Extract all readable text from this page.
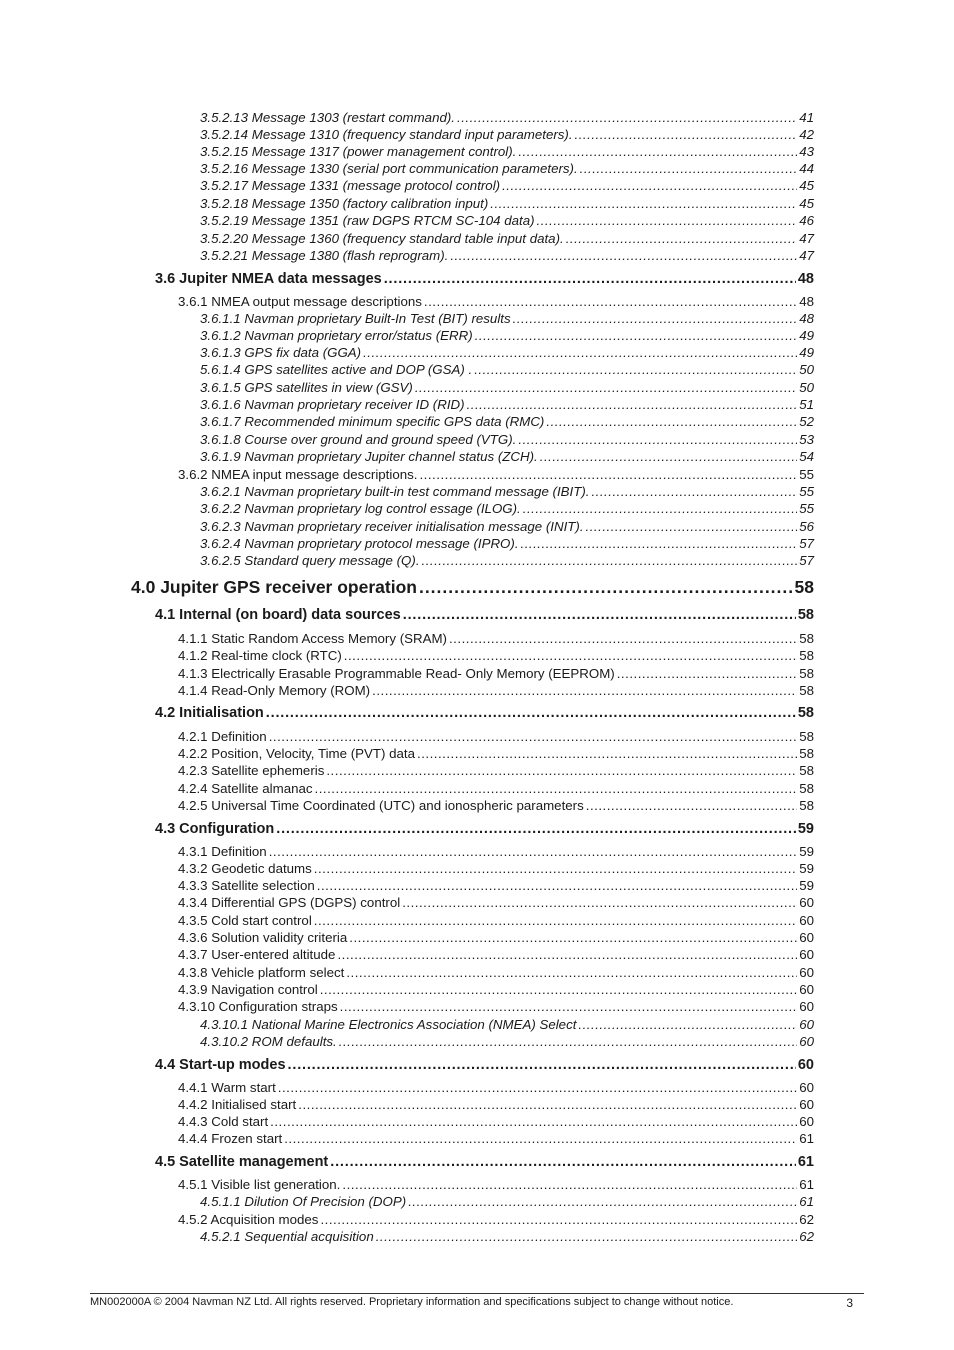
3.5.2.13 Message 1303 (restart command). .....	41
3.5.2.14 Message 1310 (frequency standard input parameters). .....	42
3.5.2.15 Message 1317 (power management control). .....	43
3.5.2.16 Message 1330 (serial port communication parameters). .....	44
3.5.2.17 Message 1331 (message protocol control) .....	45
3.5.2.18 Message 1350 (factory calibration input) .....	45
3.5.2.19 Message 1351 (raw DGPS RTCM SC-104 data) .....	46
3.5.2.20 Message 1360 (frequency standard table input data). .....	47
3.5.2.21 Message 1380 (flash reprogram). .....	47
3.6 Jupiter NMEA data messages .....	48
3.6.1 NMEA output message descriptions .....	48
3.6.1.1 Navman proprietary Built-In Test (BIT) results .....	48
3.6.1.2 Navman proprietary error/status (ERR) .....	49
3.6.1.3 GPS fix data (GGA) .....	49
5.6.1.4 GPS satellites active and DOP (GSA) . .....	50
3.6.1.5 GPS satellites in view (GSV) .....	50
3.6.1.6 Navman proprietary receiver ID (RID) .....	51
3.6.1.7 Recommended minimum specific GPS data (RMC) .....	52
3.6.1.8 Course over ground and ground speed (VTG). .....	53
3.6.1.9 Navman proprietary Jupiter channel status (ZCH). .....	54
3.6.2 NMEA input message descriptions. .....	55
3.6.2.1 Navman proprietary built-in test command message (IBIT). .....	55
3.6.2.2 Navman proprietary log control essage (ILOG). .....	55
3.6.2.3 Navman proprietary receiver initialisation message (INIT). .....	56
3.6.2.4 Navman proprietary protocol message (IPRO). .....	57
3.6.2.5 Standard query message (Q). .....	57
4.0 Jupiter GPS receiver operation .....	58
4.1 Internal (on board) data sources .....	58
4.1.1 Static Random Access Memory (SRAM) .....	58
4.1.2 Real-time clock (RTC) .....	58
4.1.3 Electrically Erasable Programmable Read- Only Memory (EEPROM) .....	58
4.1.4 Read-Only Memory (ROM) .....	58
4.2 Initialisation .....	58
4.2.1 Definition .....	58
4.2.2 Position, Velocity, Time (PVT) data .....	58
4.2.3 Satellite ephemeris .....	58
4.2.4 Satellite almanac .....	58
4.2.5 Universal Time Coordinated (UTC) and ionospheric parameters .....	58
4.3 Configuration .....	59
4.3.1 Definition .....	59
4.3.2 Geodetic datums .....	59
4.3.3 Satellite selection .....	59
4.3.4 Differential GPS (DGPS) control .....	60
4.3.5 Cold start control .....	60
4.3.6 Solution validity criteria .....	60
4.3.7 User-entered altitude .....	60
4.3.8 Vehicle platform select .....	60
4.3.9 Navigation control .....	60
4.3.10 Configuration straps .....	60
4.3.10.1 National Marine Electronics Association (NMEA) Select .....	60
4.3.10.2 ROM defaults. .....	60
4.4 Start-up modes .....	60
4.4.1 Warm start .....	60
4.4.2 Initialised start .....	60
4.4.3 Cold start .....	60
4.4.4 Frozen start .....	61
4.5 Satellite management .....	61
4.5.1 Visible list generation. .....	61
4.5.1.1 Dilution Of Precision (DOP) .....	61
4.5.2 Acquisition modes .....	62
4.5.2.1 Sequential acquisition .....	62
MN002000A © 2004 Navman NZ Ltd. All rights reserved. Proprietary information and specifications subject to change without notice.	3
